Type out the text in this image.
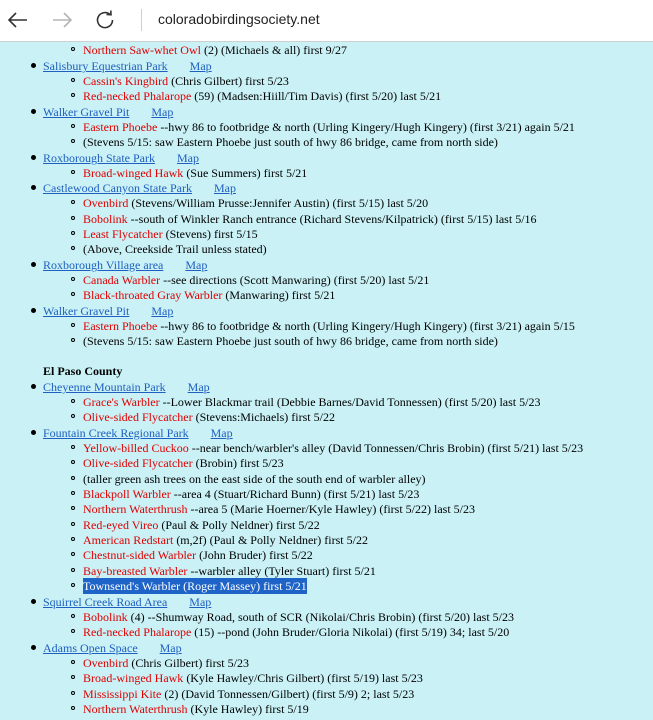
coloradobirdingsociety.net
Northern Saw-whet Owl (2) (Michaels & all) first 9/27
Salisbury Equestrian Park Map
Cassin's Kingbird (Chris Gilbert) first 5/23
Red-necked Phalarope (59) (Madsen:Hiill/Tim Davis) (first 5/20) last 5/21
Walker Gravel Pit Map
Eastern Phoebe --hwy 86 to footbridge & north (Urling Kingery/Hugh Kingery) (first 3/21) again 5/21
(Stevens 5/15: saw Eastern Phoebe just south of hwy 86 bridge, came from north side)
Roxborough State Park Map
Broad-winged Hawk (Sue Summers) first 5/21
Castlewood Canyon State Park Map
Ovenbird (Stevens/William Prusse:Jennifer Austin) (first 5/15) last 5/20
Bobolink --south of Winkler Ranch entrance (Richard Stevens/Kilpatrick) (first 5/15) last 5/16
Least Flycatcher (Stevens) first 5/15
(Above, Creekside Trail unless stated)
Roxborough Village area Map
Canada Warbler --see directions (Scott Manwaring) (first 5/20) last 5/21
Black-throated Gray Warbler (Manwaring) first 5/21
Walker Gravel Pit Map
Eastern Phoebe --hwy 86 to footbridge & north (Urling Kingery/Hugh Kingery) (first 3/21) again 5/15
(Stevens 5/15: saw Eastern Phoebe just south of hwy 86 bridge, came from north side)
El Paso County
Cheyenne Mountain Park Map
Grace's Warbler --Lower Blackmar trail (Debbie Barnes/David Tonnessen) (first 5/20) last 5/23
Olive-sided Flycatcher (Stevens:Michaels) first 5/22
Fountain Creek Regional Park Map
Yellow-billed Cuckoo --near bench/warbler's alley (David Tonnessen/Chris Brobin) (first 5/21) last 5/23
Olive-sided Flycatcher (Brobin) first 5/23
(taller green ash trees on the east side of the south end of warbler alley)
Blackpoll Warbler --area 4 (Stuart/Richard Bunn) (first 5/21) last 5/23
Northern Waterthrush --area 5 (Marie Hoerner/Kyle Hawley) (first 5/22) last 5/23
Red-eyed Vireo (Paul & Polly Neldner) first 5/22
American Redstart (m,2f) (Paul & Polly Neldner) first 5/22
Chestnut-sided Warbler (John Bruder) first 5/22
Bay-breasted Warbler --warbler alley (Tyler Stuart) first 5/21
Townsend's Warbler (Roger Massey) first 5/21
Squirrel Creek Road Area Map
Bobolink (4) --Shumway Road, south of SCR (Nikolai/Chris Brobin) (first 5/20) last 5/23
Red-necked Phalarope (15) --pond (John Bruder/Gloria Nikolai) (first 5/19) 34; last 5/20
Adams Open Space Map
Ovenbird (Chris Gilbert) first 5/23
Broad-winged Hawk (Kyle Hawley/Chris Gilbert) (first 5/19) last 5/23
Mississippi Kite (2) (David Tonnessen/Gilbert) (first 5/9) 2; last 5/23
Northern Waterthrush (Kyle Hawley) first 5/19
